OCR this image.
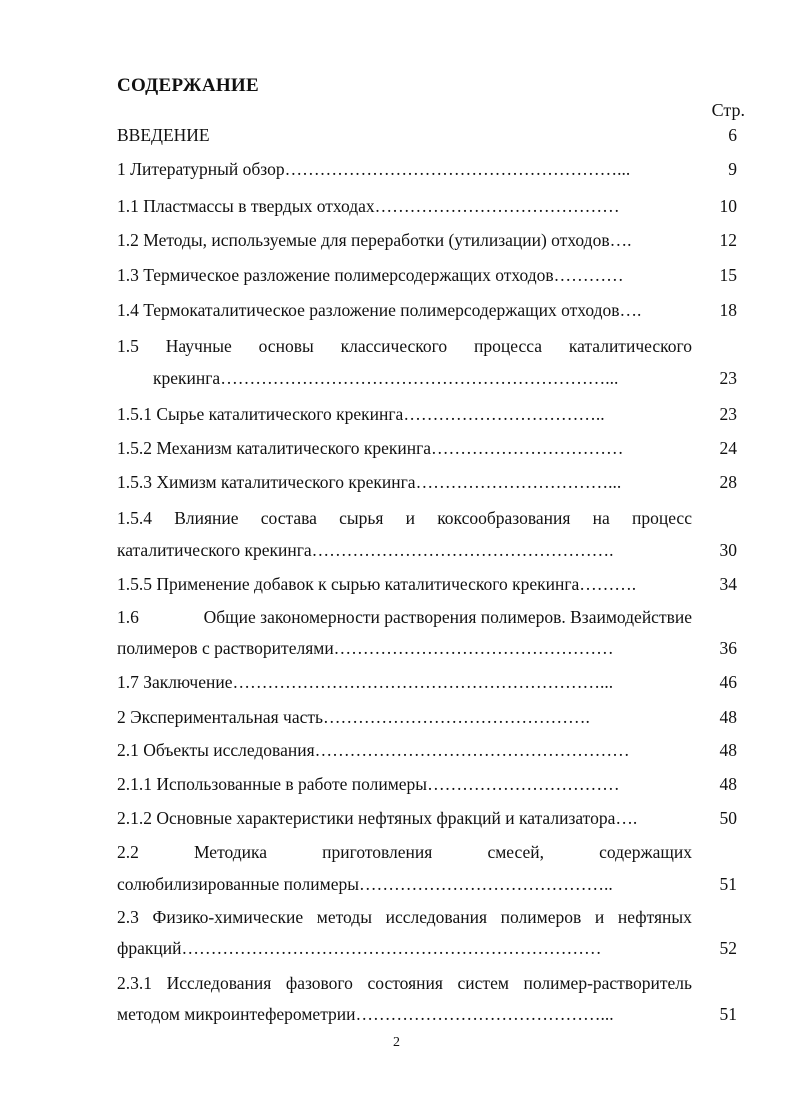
СОДЕРЖАНИЕ
Стр.
ВВЕДЕНИЕ	6
1 Литературный обзор…………………………………………………...	9
1.1 Пластмассы в твердых отходах……………………………………	10
1.2 Методы, используемые для переработки (утилизации) отходов….	12
1.3 Термическое разложение полимерсодержащих отходов…………	15
1.4 Термокаталитическое разложение полимерсодержащих отходов….	18
1.5 Научные основы классического процесса каталитического
крекинга…………………………………………………………...	23
1.5.1 Сырье каталитического крекинга……………………………..	23
1.5.2 Механизм каталитического крекинга……………………………	24
1.5.3 Химизм каталитического крекинга……………………………...	28
1.5.4 Влияние состава сырья и коксообразования на процесс
каталитического крекинга…………………………………………….	30
1.5.5 Применение добавок к сырью каталитического крекинга……….	34
1.6	Общие закономерности растворения полимеров. Взаимодействие
полимеров с растворителями…………………………………………	36
1.7 Заключение………………………………………………………...	46
2 Экспериментальная часть……………………………………….	48
2.1 Объекты исследования………………………………………………	48
2.1.1 Использованные в работе полимеры……………………………	48
2.1.2 Основные характеристики нефтяных фракций и катализатора….	50
2.2	Методика	приготовления	смесей,	содержащих
солюбилизированные полимеры……………………………………..	51
2.3 Физико-химические методы исследования полимеров и нефтяных
фракций………………………………………………………………	52
2.3.1 Исследования фазового состояния систем полимер-растворитель
методом микроинтеферометрии……………………………………...	51
2
